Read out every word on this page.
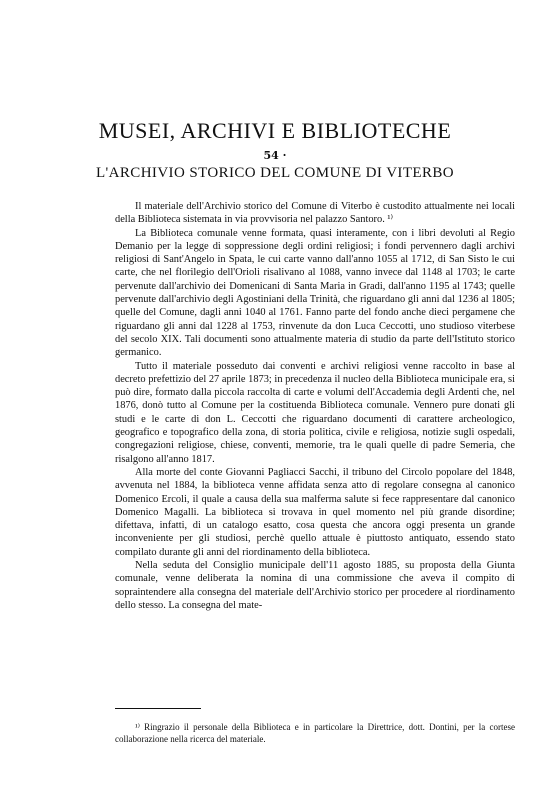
MUSEI, ARCHIVI E BIBLIOTECHE
54 ·
L'ARCHIVIO STORICO DEL COMUNE DI VITERBO

Il materiale dell'Archivio storico del Comune di Viterbo è custodito attualmente nei locali della Biblioteca sistemata in via provvisoria nel palazzo Santoro. ¹⁾

La Biblioteca comunale venne formata, quasi interamente, con i libri devoluti al Regio Demanio per la legge di soppressione degli ordini religiosi; i fondi pervennero dagli archivi religiosi di Sant'Angelo in Spata, le cui carte vanno dall'anno 1055 al 1712, di San Sisto le cui carte, che nel florilegio dell'Orioli risalivano al 1088, vanno invece dal 1148 al 1703; le carte pervenute dall'archivio dei Domenicani di Santa Maria in Gradi, dall'anno 1195 al 1743; quelle pervenute dall'archivio degli Agostiniani della Trinità, che riguardano gli anni dal 1236 al 1805; quelle del Comune, dagli anni 1040 al 1761. Fanno parte del fondo anche dieci pergamene che riguardano gli anni dal 1228 al 1753, rinvenute da don Luca Ceccotti, uno studioso viterbese del secolo XIX. Tali documenti sono attualmente materia di studio da parte dell'Istituto storico germanico.

Tutto il materiale posseduto dai conventi e archivi religiosi venne raccolto in base al decreto prefettizio del 27 aprile 1873; in precedenza il nucleo della Biblioteca municipale era, si può dire, formato dalla piccola raccolta di carte e volumi dell'Accademia degli Ardenti che, nel 1876, donò tutto al Comune per la costituenda Biblioteca comunale. Vennero pure donati gli studi e le carte di don L. Ceccotti che riguardano documenti di carattere archeologico, geografico e topografico della zona, di storia politica, civile e religiosa, notizie sugli ospedali, congregazioni religiose, chiese, conventi, memorie, tra le quali quelle di padre Semeria, che risalgono all'anno 1817.

Alla morte del conte Giovanni Pagliacci Sacchi, il tribuno del Circolo popolare del 1848, avvenuta nel 1884, la biblioteca venne affidata senza atto di regolare consegna al canonico Domenico Ercoli, il quale a causa della sua malferma salute si fece rappresentare dal canonico Domenico Magalli. La biblioteca si trovava in quel momento nel più grande disordine; difettava, infatti, di un catalogo esatto, cosa questa che ancora oggi presenta un grande inconveniente per gli studiosi, perchè quello attuale è piuttosto antiquato, essendo stato compilato durante gli anni del riordinamento della biblioteca.

Nella seduta del Consiglio municipale dell'11 agosto 1885, su proposta della Giunta comunale, venne deliberata la nomina di una commissione che aveva il compito di sopraintendere alla consegna del materiale dell'Archivio storico per procedere al riordinamento dello stesso. La consegna del mate-

¹⁾ Ringrazio il personale della Biblioteca e in particolare la Direttrice, dott. Dontini, per la cortese collaborazione nella ricerca del materiale.
